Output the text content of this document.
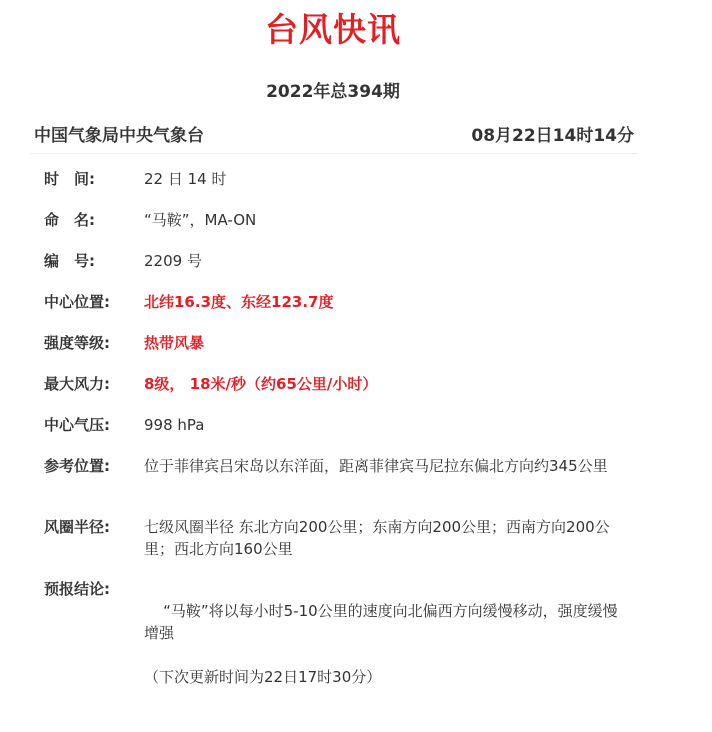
台风快讯
2022年总394期
中国气象局中央气象台	08月22日14时14分
时　间:	22 日 14 时
命　名:	“马鞍”，MA-ON
编　号:	2209 号
中心位置:	北纬16.3度、东经123.7度
强度等级:	热带风暴
最大风力:	8级， 18米/秒（约65公里/小时）
中心气压:	998 hPa
参考位置:	位于菲律宾吕宋岛以东洋面，距离菲律宾马尼拉东偏北方向约345公里
风圈半径:	七级风圈半径 东北方向200公里；东南方向200公里；西南方向200公里；西北方向160公里
预报结论:

“马鞍”将以每小时5-10公里的速度向北偏西方向缓慢移动，强度缓慢增强

（下次更新时间为22日17时30分）
